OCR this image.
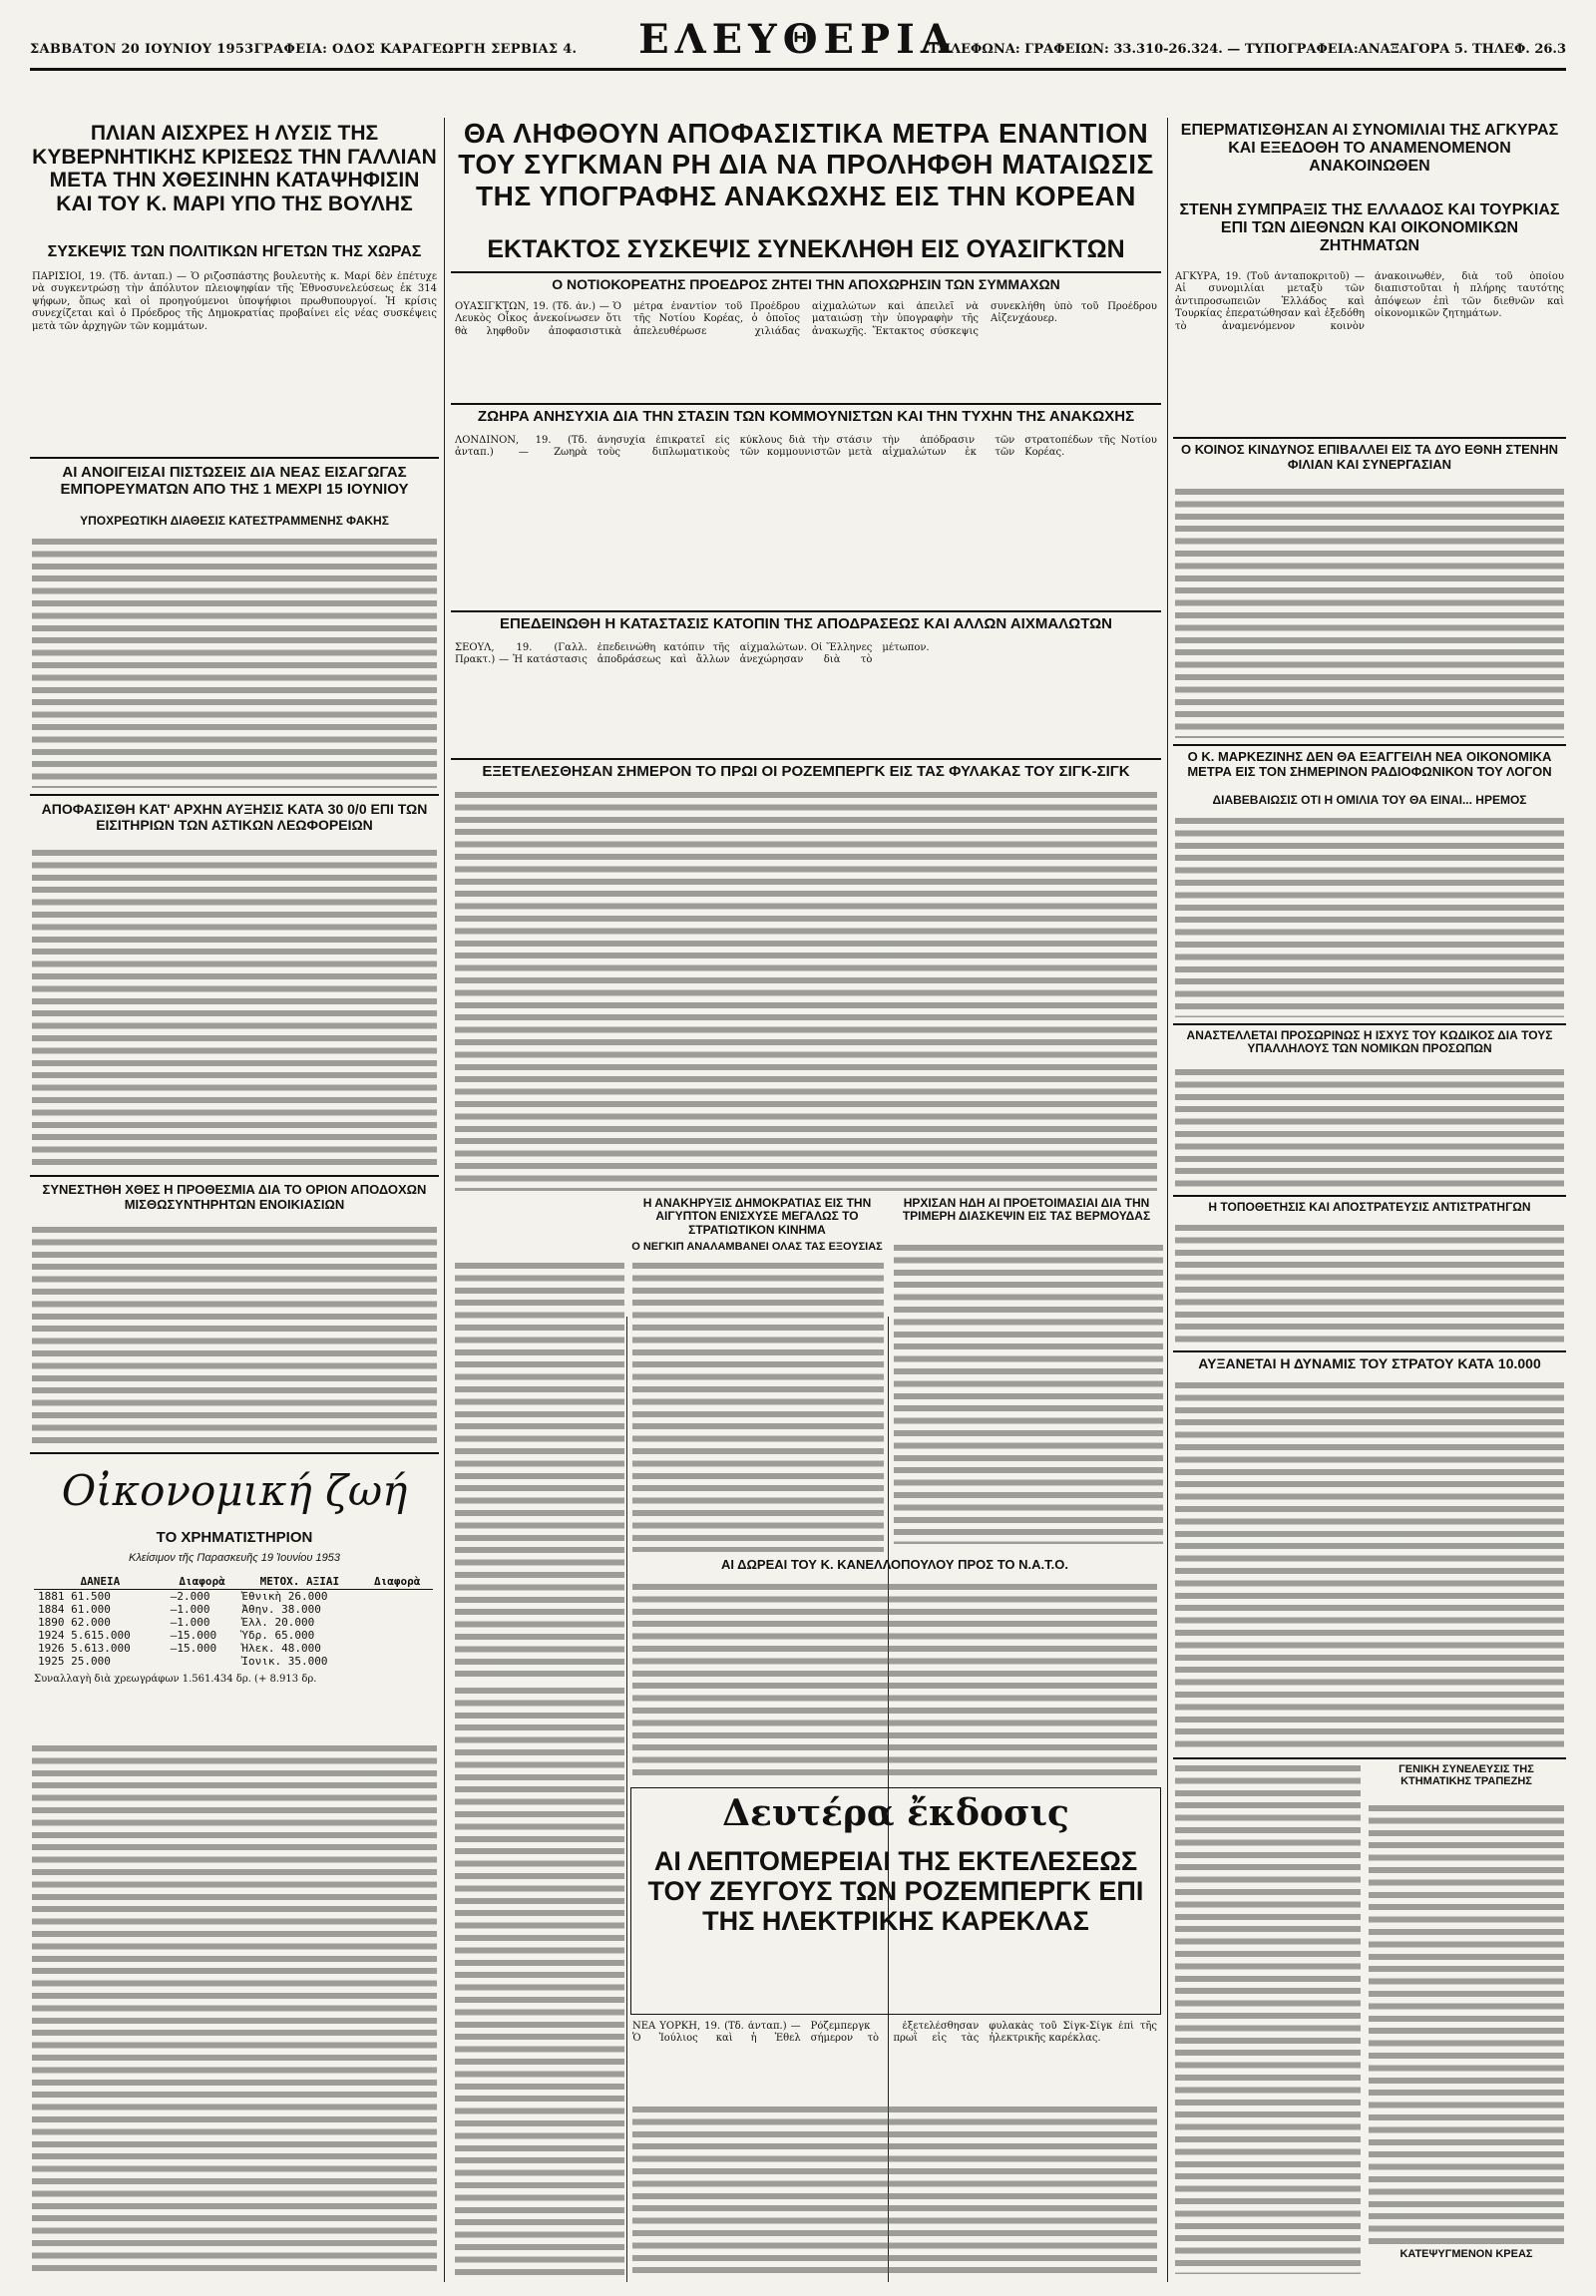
ΣΑΒΒΑΤΟΝ 20 ΙΟΥΝΙΟΥ 1953ΓΡΑΦΕΙΑ: ΟΔΟΣ ΚΑΡΑΓΕΩΡΓΗ ΣΕΡΒΙΑΣ 4.	ΕΛΕΥΘΕΡΙΑ
ΤΗΛΕΦΩΝΑ: ΓΡΑΦΕΙΩΝ: 33.310-26.324. — ΤΥΠΟΓΡΑΦΕΙΑ:ΑΝΑΞΑΓΟΡΑ 5. ΤΗΛΕΦ. 26.3
ΠΛΙΑΝ ΑΙΣΧΡΕΣ Η ΛΥΣΙΣ ΤΗΣ ΚΥΒΕΡΝΗΤΙΚΗΣ ΚΡΙΣΕΩΣ ΤΗΝ ΓΑΛΛΙΑΝ ΜΕΤΑ ΤΗΝ ΧΘΕΣΙΝΗΝ ΚΑΤΑΨΗΦΙΣΙΝ ΚΑΙ ΤΟΥ Κ. ΜΑΡΙ ΥΠΟ ΤΗΣ ΒΟΥΛΗΣ
ΣΥΣΚΕΨΙΣ ΤΩΝ ΠΟΛΙΤΙΚΩΝ ΗΓΕΤΩΝ ΤΗΣ ΧΩΡΑΣ
ΠΑΡΙΣΙΟΙ, 19. (Τδ. ἀνταπ.) — Ὁ ριζοσπάστης βουλευτὴς κ. Μαρί δὲν ἐπέτυχε νὰ συγκεντρώσῃ τὴν ἀπόλυτον πλειοψηφίαν τῆς Ἐθνοσυνελεύσεως ἐκ 314 ψήφων, ὅπως καὶ οἱ προηγούμενοι ὑποψήφιοι πρωθυπουργοί. Ἡ κρίσις συνεχίζεται καὶ ὁ Πρόεδρος τῆς Δημοκρατίας προβαίνει εἰς νέας συσκέψεις μετὰ τῶν ἀρχηγῶν τῶν κομμάτων.
ΑΙ ΑΝΟΙΓΕΙΣΑΙ ΠΙΣΤΩΣΕΙΣ ΔΙΑ ΝΕΑΣ ΕΙΣΑΓΩΓΑΣ ΕΜΠΟΡΕΥΜΑΤΩΝ ΑΠΟ ΤΗΣ 1 ΜΕΧΡΙ 15 ΙΟΥΝΙΟΥ
ΥΠΟΧΡΕΩΤΙΚΗ ΔΙΑΘΕΣΙΣ ΚΑΤΕΣΤΡΑΜΜΕΝΗΣ ΦΑΚΗΣ
ΑΠΟΦΑΣΙΣΘΗ ΚΑΤ' ΑΡΧΗΝ ΑΥΞΗΣΙΣ ΚΑΤΑ 30 0/0 ΕΠΙ ΤΩΝ ΕΙΣΙΤΗΡΙΩΝ ΤΩΝ ΑΣΤΙΚΩΝ ΛΕΩΦΟΡΕΙΩΝ
ΣΥΝΕΣΤΗΘΗ ΧΘΕΣ Η ΠΡΟΘΕΣΜΙΑ ΔΙΑ ΤΟ ΟΡΙΟΝ ΑΠΟΔΟΧΩΝ ΜΙΣΘΩΣΥΝΤΗΡΗΤΩΝ ΕΝΟΙΚΙΑΣΙΩΝ
Οἰκονομική ζωή
ΤΟ ΧΡΗΜΑΤΙΣΤΗΡΙΟΝ
Κλείσιμον τῆς Παρασκευῆς 19 Ἰουνίου 1953
ΔΑΝΕΙΑ	Διαφορὰ	ΜΕΤΟΧ. ΑΞΙΑΙ	Διαφορὰ
1881 61.500	—2.000	Ἐθνικὴ 26.000	
1884 61.000	—1.000	Ἀθην. 38.000	
1890 62.000	—1.000	Ἐλλ. 20.000	
1924 5.615.000	—15.000	Ὑδρ. 65.000	
1926 5.613.000	—15.000	Ἡλεκ. 48.000	
1925 25.000		Ἰονικ. 35.000	
Συναλλαγὴ διὰ χρεωγράφων 1.561.434 δρ. (+ 8.913 δρ.
ΘΑ ΛΗΦΘΟΥΝ ΑΠΟΦΑΣΙΣΤΙΚΑ ΜΕΤΡΑ ΕΝΑΝΤΙΟΝ ΤΟΥ ΣΥΓΚΜΑΝ ΡΗ ΔΙΑ ΝΑ ΠΡΟΛΗΦΘΗ ΜΑΤΑΙΩΣΙΣ ΤΗΣ ΥΠΟΓΡΑΦΗΣ ΑΝΑΚΩΧΗΣ ΕΙΣ ΤΗΝ ΚΟΡΕΑΝ
ΕΚΤΑΚΤΟΣ ΣΥΣΚΕΨΙΣ ΣΥΝΕΚΛΗΘΗ ΕΙΣ ΟΥΑΣΙΓΚΤΩΝ
Ο ΝΟΤΙΟΚΟΡΕΑΤΗΣ ΠΡΟΕΔΡΟΣ ΖΗΤΕΙ ΤΗΝ ΑΠΟΧΩΡΗΣΙΝ ΤΩΝ ΣΥΜΜΑΧΩΝ
ΟΥΑΣΙΓΚΤΩΝ, 19. (Τδ. ἀν.) — Ὁ Λευκὸς Οἶκος ἀνεκοίνωσεν ὅτι θὰ ληφθοῦν ἀποφασιστικὰ μέτρα ἐναντίον τοῦ Προέδρου τῆς Νοτίου Κορέας, ὁ ὁποῖος ἀπελευθέρωσε χιλιάδας αἰχμαλώτων καὶ ἀπειλεῖ νὰ ματαιώσῃ τὴν ὑπογραφὴν τῆς ἀνακωχῆς. Ἔκτακτος σύσκεψις συνεκλήθη ὑπὸ τοῦ Προέδρου Αἰζενχάουερ.
ΖΩΗΡΑ ΑΝΗΣΥΧΙΑ ΔΙΑ ΤΗΝ ΣΤΑΣΙΝ ΤΩΝ ΚΟΜΜΟΥΝΙΣΤΩΝ ΚΑΙ ΤΗΝ ΤΥΧΗΝ ΤΗΣ ΑΝΑΚΩΧΗΣ
ΛΟΝΔΙΝΟΝ, 19. (Τδ. ἀνταπ.) — Ζωηρὰ ἀνησυχία ἐπικρατεῖ εἰς τοὺς διπλωματικοὺς κύκλους διὰ τὴν στάσιν τῶν κομμουνιστῶν μετὰ τὴν ἀπόδρασιν τῶν αἰχμαλώτων ἐκ τῶν στρατοπέδων τῆς Νοτίου Κορέας.
ΕΠΕΔΕΙΝΩΘΗ Η ΚΑΤΑΣΤΑΣΙΣ ΚΑΤΟΠΙΝ ΤΗΣ ΑΠΟΔΡΑΣΕΩΣ ΚΑΙ ΑΛΛΩΝ ΑΙΧΜΑΛΩΤΩΝ
ΣΕΟΥΛ, 19. (Γαλλ. Πρακτ.) — Ἡ κατάστασις ἐπεδεινώθη κατόπιν τῆς ἀποδράσεως καὶ ἄλλων αἰχμαλώτων. Οἱ Ἕλληνες ἀνεχώρησαν διὰ τὸ μέτωπον.
ΕΞΕΤΕΛΕΣΘΗΣΑΝ ΣΗΜΕΡΟΝ ΤΟ ΠΡΩΙ ΟΙ ΡΟΖΕΜΠΕΡΓΚ ΕΙΣ ΤΑΣ ΦΥΛΑΚΑΣ ΤΟΥ ΣΙΓΚ-ΣΙΓΚ
Η ΑΝΑΚΗΡΥΞΙΣ ΔΗΜΟΚΡΑΤΙΑΣ ΕΙΣ ΤΗΝ ΑΙΓΥΠΤΟΝ ΕΝΙΣΧΥΣΕ ΜΕΓΑΛΩΣ ΤΟ ΣΤΡΑΤΙΩΤΙΚΟΝ ΚΙΝΗΜΑ
Ο ΝΕΓΚΙΠ ΑΝΑΛΑΜΒΑΝΕΙ ΟΛΑΣ ΤΑΣ ΕΞΟΥΣΙΑΣ
ΗΡΧΙΣΑΝ ΗΔΗ ΑΙ ΠΡΟΕΤΟΙΜΑΣΙΑΙ ΔΙΑ ΤΗΝ ΤΡΙΜΕΡΗ ΔΙΑΣΚΕΨΙΝ ΕΙΣ ΤΑΣ ΒΕΡΜΟΥΔΑΣ
ΑΙ ΔΩΡΕΑΙ ΤΟΥ Κ. ΚΑΝΕΛΛΟΠΟΥΛΟΥ ΠΡΟΣ ΤΟ Ν.Α.Τ.Ο.
Δευτέρα ἔκδοσις
ΑΙ ΛΕΠΤΟΜΕΡΕΙΑΙ ΤΗΣ ΕΚΤΕΛΕΣΕΩΣ ΤΟΥ ΖΕΥΓΟΥΣ ΤΩΝ ΡΟΖΕΜΠΕΡΓΚ ΕΠΙ ΤΗΣ ΗΛΕΚΤΡΙΚΗΣ ΚΑΡΕΚΛΑΣ
ΝΕΑ ΥΟΡΚΗ, 19. (Τδ. ἀνταπ.) — Ὁ Ἰούλιος καὶ ἡ Ἐθελ Ρόζεμπεργκ ἐξετελέσθησαν σήμερον τὸ πρωῒ εἰς τὰς φυλακὰς τοῦ Σίγκ-Σίγκ ἐπὶ τῆς ἠλεκτρικῆς καρέκλας.
ΕΠΕΡΜΑΤΙΣΘΗΣΑΝ ΑΙ ΣΥΝΟΜΙΛΙΑΙ ΤΗΣ ΑΓΚΥΡΑΣ ΚΑΙ ΕΞΕΔΟΘΗ ΤΟ ΑΝΑΜΕΝΟΜΕΝΟΝ ΑΝΑΚΟΙΝΩΘΕΝ
ΣΤΕΝΗ ΣΥΜΠΡΑΞΙΣ ΤΗΣ ΕΛΛΑΔΟΣ ΚΑΙ ΤΟΥΡΚΙΑΣ ΕΠΙ ΤΩΝ ΔΙΕΘΝΩΝ ΚΑΙ ΟΙΚΟΝΟΜΙΚΩΝ ΖΗΤΗΜΑΤΩΝ
ΑΓΚΥΡΑ, 19. (Τοῦ ἀνταποκριτοῦ) — Αἱ συνομιλίαι μεταξὺ τῶν ἀντιπροσωπειῶν Ἑλλάδος καὶ Τουρκίας ἐπερατώθησαν καὶ ἐξεδόθη τὸ ἀναμενόμενον κοινὸν ἀνακοινωθέν, διὰ τοῦ ὁποίου διαπιστοῦται ἡ πλήρης ταυτότης ἀπόψεων ἐπὶ τῶν διεθνῶν καὶ οἰκονομικῶν ζητημάτων.
Ο ΚΟΙΝΟΣ ΚΙΝΔΥΝΟΣ ΕΠΙΒΑΛΛΕΙ ΕΙΣ ΤΑ ΔΥΟ ΕΘΝΗ ΣΤΕΝΗΝ ΦΙΛΙΑΝ ΚΑΙ ΣΥΝΕΡΓΑΣΙΑΝ
Ο Κ. ΜΑΡΚΕΖΙΝΗΣ ΔΕΝ ΘΑ ΕΞΑΓΓΕΙΛΗ ΝΕΑ ΟΙΚΟΝΟΜΙΚΑ ΜΕΤΡΑ ΕΙΣ ΤΟΝ ΣΗΜΕΡΙΝΟΝ ΡΑΔΙΟΦΩΝΙΚΟΝ ΤΟΥ ΛΟΓΟΝ
ΔΙΑΒΕΒΑΙΩΣΙΣ ΟΤΙ Η ΟΜΙΛΙΑ ΤΟΥ ΘΑ ΕΙΝΑΙ... ΗΡΕΜΟΣ
ΑΝΑΣΤΕΛΛΕΤΑΙ ΠΡΟΣΩΡΙΝΩΣ Η ΙΣΧΥΣ ΤΟΥ ΚΩΔΙΚΟΣ ΔΙΑ ΤΟΥΣ ΥΠΑΛΛΗΛΟΥΣ ΤΩΝ ΝΟΜΙΚΩΝ ΠΡΟΣΩΠΩΝ
Η ΤΟΠΟΘΕΤΗΣΙΣ ΚΑΙ ΑΠΟΣΤΡΑΤΕΥΣΙΣ ΑΝΤΙΣΤΡΑΤΗΓΩΝ
ΑΥΞΑΝΕΤΑΙ Η ΔΥΝΑΜΙΣ ΤΟΥ ΣΤΡΑΤΟΥ ΚΑΤΑ 10.000
ΓΕΝΙΚΗ ΣΥΝΕΛΕΥΣΙΣ ΤΗΣ ΚΤΗΜΑΤΙΚΗΣ ΤΡΑΠΕΖΗΣ
ΚΑΤΕΨΥΓΜΕΝΟΝ ΚΡΕΑΣ
